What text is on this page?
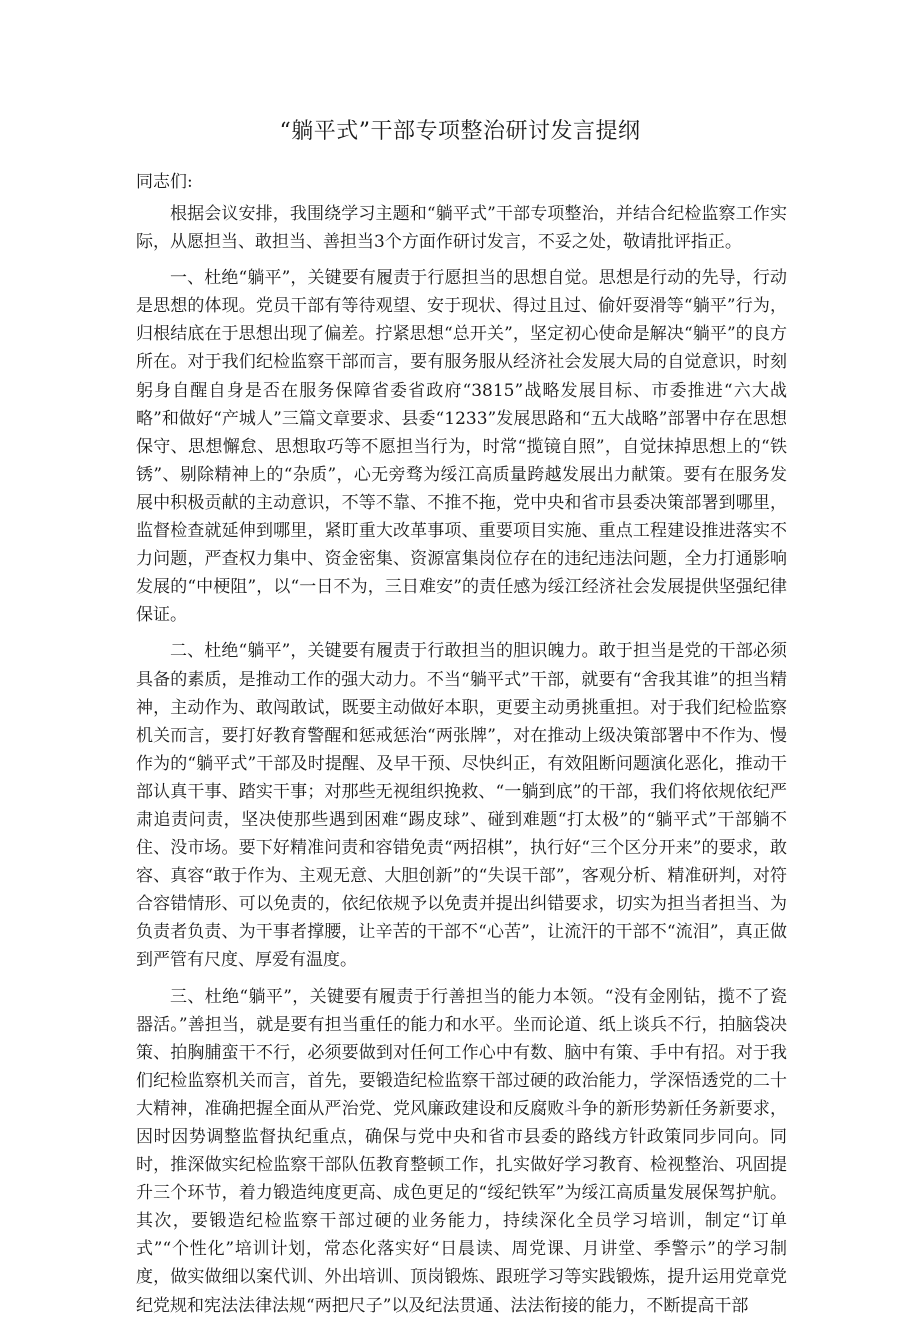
“躺平式”干部专项整治研讨发言提纲

同志们:

根据会议安排，我围绕学习主题和“躺平式”干部专项整治，并结合纪检监察工作实际，从愿担当、敢担当、善担当3个方面作研讨发言，不妥之处，敬请批评指正。

一、杜绝“躺平”，关键要有履责于行愿担当的思想自觉。思想是行动的先导，行动是思想的体现。党员干部有等待观望、安于现状、得过且过、偷奸耍滑等“躺平”行为，归根结底在于思想出现了偏差。拧紧思想“总开关”，坚定初心使命是解决“躺平”的良方所在。对于我们纪检监察干部而言，要有服务服从经济社会发展大局的自觉意识，时刻躬身自醒自身是否在服务保障省委省政府“3815”战略发展目标、市委推进“六大战略”和做好“产城人”三篇文章要求、县委“1233”发展思路和“五大战略”部署中存在思想保守、思想懈怠、思想取巧等不愿担当行为，时常“揽镜自照”，自觉抹掉思想上的“铁锈”、剔除精神上的“杂质”，心无旁骛为绥江高质量跨越发展出力献策。要有在服务发展中积极贡献的主动意识，不等不靠、不推不拖，党中央和省市县委决策部署到哪里，监督检查就延伸到哪里，紧盯重大改革事项、重要项目实施、重点工程建设推进落实不力问题，严查权力集中、资金密集、资源富集岗位存在的违纪违法问题，全力打通影响发展的“中梗阻”，以“一日不为，三日难安”的责任感为绥江经济社会发展提供坚强纪律保证。

二、杜绝“躺平”，关键要有履责于行敢担当的胆识魄力。敢于担当是党的干部必须具备的素质，是推动工作的强大动力。不当“躺平式”干部，就要有“舍我其谁”的担当精神，主动作为、敢闯敢试，既要主动做好本职，更要主动勇挑重担。对于我们纪检监察机关而言，要打好教育警醒和惩戒惩治“两张牌”，对在推动上级决策部署中不作为、慢作为的“躺平式”干部及时提醒、及早干预、尽快纠正，有效阻断问题演化恶化，推动干部认真干事、踏实干事；对那些无视组织挽救、“一躺到底”的干部，我们将依规依纪严肃追责问责，坚决使那些遇到困难“踢皮球”、碰到难题“打太极”的“躺平式”干部躺不住、没市场。要下好精准问责和容错免责“两招棋”，执行好“三个区分开来”的要求，敢容、真容“敢于作为、主观无意、大胆创新”的“失误干部”，客观分析、精准研判，对符合容错情形、可以免责的，依纪依规予以免责并提出纠错要求，切实为担当者担当、为负责者负责、为干事者撑腰，让辛苦的干部不“心苦”，让流汗的干部不“流泪”，真正做到严管有尺度、厚爱有温度。

三、杜绝“躺平”，关键要有履责于行善担当的能力本领。“没有金刚钻，揽不了瓷器活。”善担当，就是要有担当重任的能力和水平。坐而论道、纸上谈兵不行，拍脑袋决策、拍胸脯蛮干不行，必须要做到对任何工作心中有数、脑中有策、手中有招。对于我们纪检监察机关而言，首先，要锻造纪检监察干部过硬的政治能力，学深悟透党的二十大精神，准确把握全面从严治党、党风廉政建设和反腐败斗争的新形势新任务新要求，因时因势调整监督执纪重点，确保与党中央和省市县委的路线方针政策同步同向。同时，推深做实纪检监察干部队伍教育整顿工作，扎实做好学习教育、检视整治、巩固提升三个环节，着力锻造纯度更高、成色更足的“绥纪铁军”为绥江高质量发展保驾护航。其次，要锻造纪检监察干部过硬的业务能力，持续深化全员学习培训，制定“订单式”“个性化”培训计划，常态化落实好“日晨读、周党课、月讲堂、季警示”的学习制度，做实做细以案代训、外出培训、顶岗锻炼、跟班学习等实践锻炼，提升运用党章党纪党规和宪法法律法规“两把尺子”以及纪法贯通、法法衔接的能力，不断提高干部
